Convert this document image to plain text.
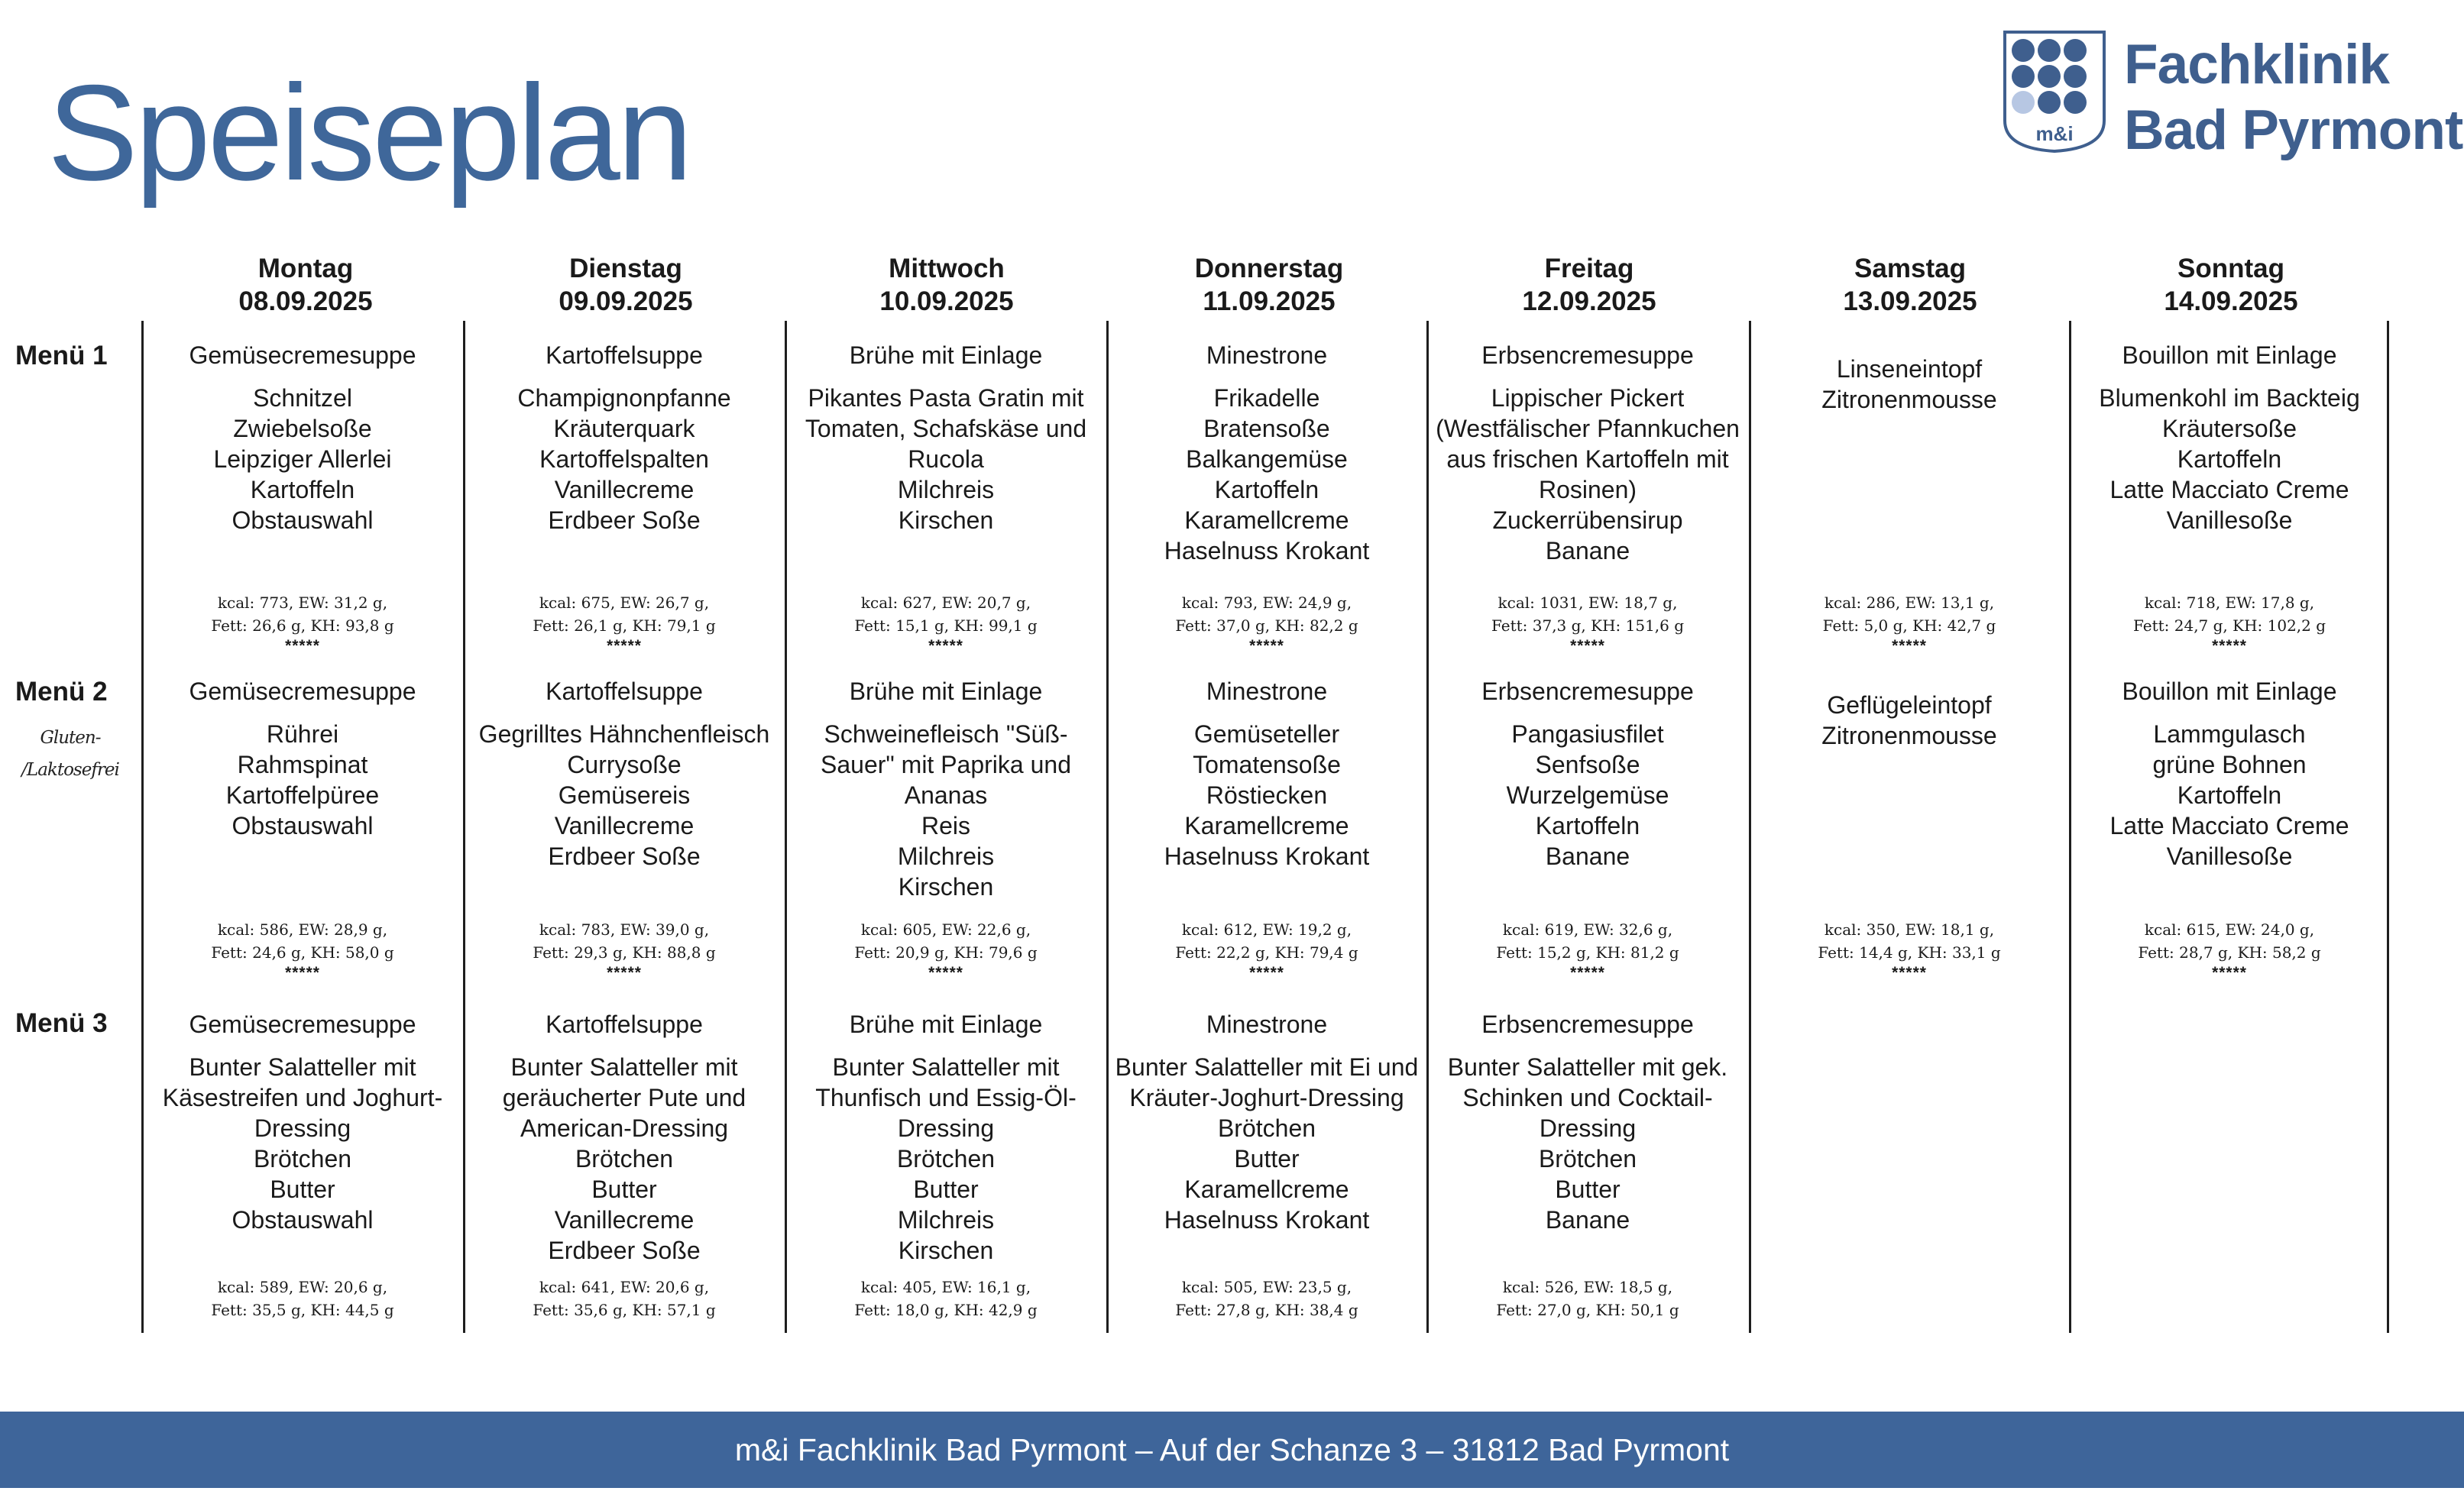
Speiseplan	m&i
Fachklinik
Bad Pyrmont
Montag
08.09.2025
Dienstag
09.09.2025
Mittwoch
10.09.2025
Donnerstag
11.09.2025
Freitag
12.09.2025
Samstag
13.09.2025
Sonntag
14.09.2025
Menü 1
Menü 2
Menü 3
Gluten-
/Laktosefrei
Gemüsecremesuppe
Schnitzel
Zwiebelsoße
Leipziger Allerlei
Kartoffeln
Obstauswahl
kcal: 773, EW: 31,2 g,
Fett: 26,6 g, KH: 93,8 g
*****
Kartoffelsuppe
Champignonpfanne
Kräuterquark
Kartoffelspalten
Vanillecreme
Erdbeer Soße
kcal: 675, EW: 26,7 g,
Fett: 26,1 g, KH: 79,1 g
*****
Brühe mit Einlage
Pikantes Pasta Gratin mit
Tomaten, Schafskäse und
Rucola
Milchreis
Kirschen
kcal: 627, EW: 20,7 g,
Fett: 15,1 g, KH: 99,1 g
*****
Minestrone
Frikadelle
Bratensoße
Balkangemüse
Kartoffeln
Karamellcreme
Haselnuss Krokant
kcal: 793, EW: 24,9 g,
Fett: 37,0 g, KH: 82,2 g
*****
Erbsencremesuppe
Lippischer Pickert
(Westfälischer Pfannkuchen
aus frischen Kartoffeln mit
Rosinen)
Zuckerrübensirup
Banane
kcal: 1031, EW: 18,7 g,
Fett: 37,3 g, KH: 151,6 g
*****
Linseneintopf
Zitronenmousse
kcal: 286, EW: 13,1 g,
Fett: 5,0 g, KH: 42,7 g
*****
Bouillon mit Einlage
Blumenkohl im Backteig
Kräutersoße
Kartoffeln
Latte Macciato Creme
Vanillesoße
kcal: 718, EW: 17,8 g,
Fett: 24,7 g, KH: 102,2 g
*****
Gemüsecremesuppe
Rührei
Rahmspinat
Kartoffelpüree
Obstauswahl
kcal: 586, EW: 28,9 g,
Fett: 24,6 g, KH: 58,0 g
*****
Kartoffelsuppe
Gegrilltes Hähnchenfleisch
Currysoße
Gemüsereis
Vanillecreme
Erdbeer Soße
kcal: 783, EW: 39,0 g,
Fett: 29,3 g, KH: 88,8 g
*****
Brühe mit Einlage
Schweinefleisch "Süß-
Sauer" mit Paprika und
Ananas
Reis
Milchreis
Kirschen
kcal: 605, EW: 22,6 g,
Fett: 20,9 g, KH: 79,6 g
*****
Minestrone
Gemüseteller
Tomatensoße
Röstiecken
Karamellcreme
Haselnuss Krokant
kcal: 612, EW: 19,2 g,
Fett: 22,2 g, KH: 79,4 g
*****
Erbsencremesuppe
Pangasiusfilet
Senfsoße
Wurzelgemüse
Kartoffeln
Banane
kcal: 619, EW: 32,6 g,
Fett: 15,2 g, KH: 81,2 g
*****
Geflügeleintopf
Zitronenmousse
kcal: 350, EW: 18,1 g,
Fett: 14,4 g, KH: 33,1 g
*****
Bouillon mit Einlage
Lammgulasch
grüne Bohnen
Kartoffeln
Latte Macciato Creme
Vanillesoße
kcal: 615, EW: 24,0 g,
Fett: 28,7 g, KH: 58,2 g
*****
Gemüsecremesuppe
Bunter Salatteller mit
Käsestreifen und Joghurt-
Dressing
Brötchen
Butter
Obstauswahl
kcal: 589, EW: 20,6 g,
Fett: 35,5 g, KH: 44,5 g
Kartoffelsuppe
Bunter Salatteller mit
geräucherter Pute und
American-Dressing
Brötchen
Butter
Vanillecreme
Erdbeer Soße
kcal: 641, EW: 20,6 g,
Fett: 35,6 g, KH: 57,1 g
Brühe mit Einlage
Bunter Salatteller mit
Thunfisch und Essig-Öl-
Dressing
Brötchen
Butter
Milchreis
Kirschen
kcal: 405, EW: 16,1 g,
Fett: 18,0 g, KH: 42,9 g
Minestrone
Bunter Salatteller mit Ei und
Kräuter-Joghurt-Dressing
Brötchen
Butter
Karamellcreme
Haselnuss Krokant
kcal: 505, EW: 23,5 g,
Fett: 27,8 g, KH: 38,4 g
Erbsencremesuppe
Bunter Salatteller mit gek.
Schinken und Cocktail-
Dressing
Brötchen
Butter
Banane
kcal: 526, EW: 18,5 g,
Fett: 27,0 g, KH: 50,1 g
m&i Fachklinik Bad Pyrmont – Auf der Schanze 3 – 31812 Bad Pyrmont
